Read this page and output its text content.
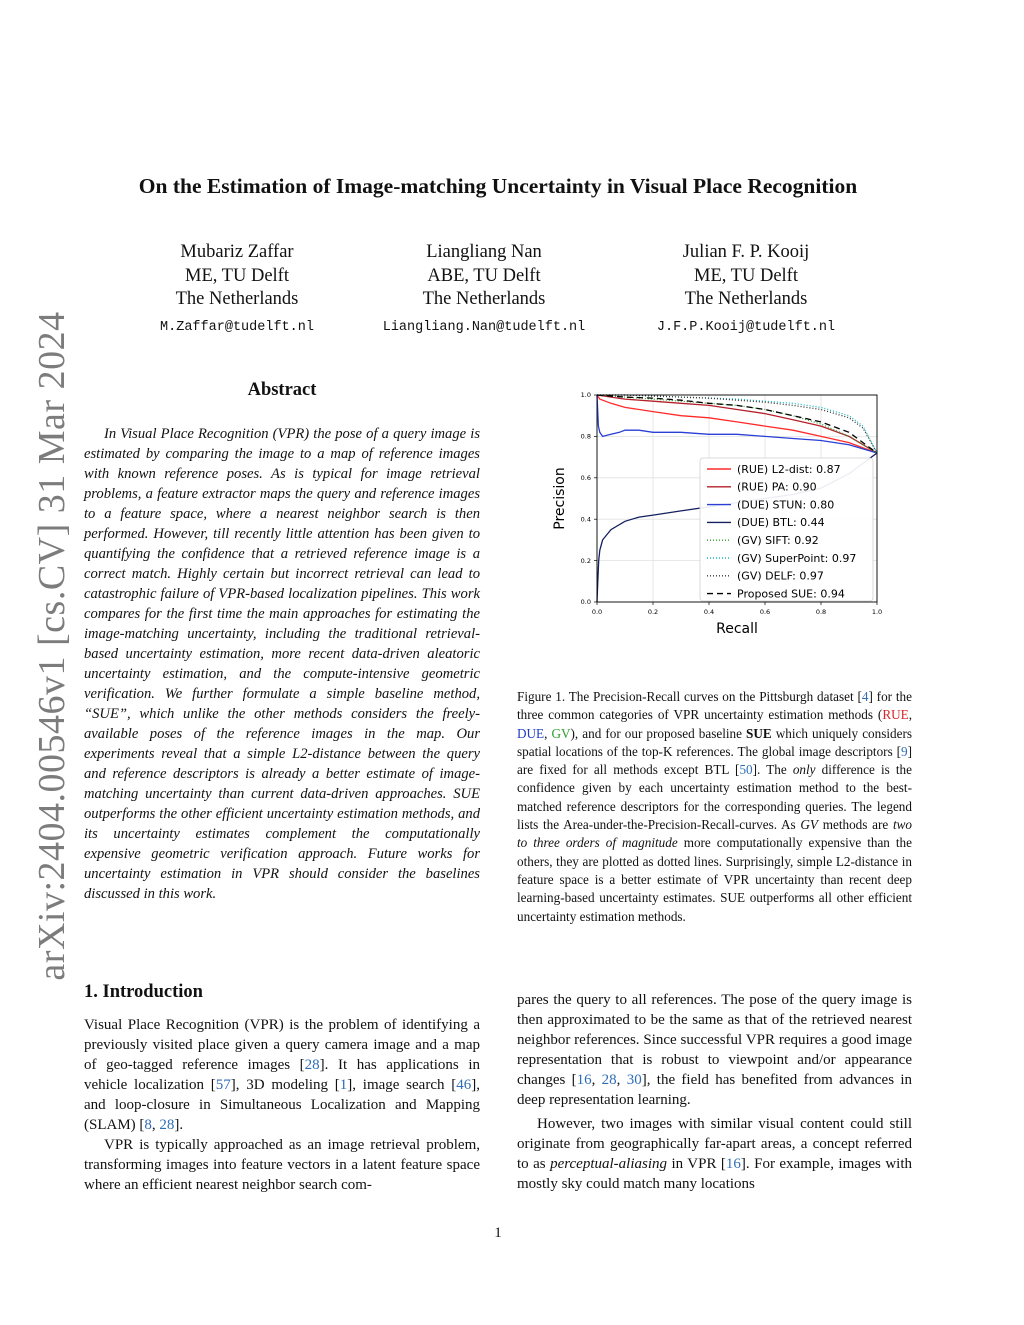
On the Estimation of Image-matching Uncertainty in Visual Place Recognition
Mubariz Zaffar
ME, TU Delft
The Netherlands
M.Zaffar@tudelft.nl
Liangliang Nan
ABE, TU Delft
The Netherlands
Liangliang.Nan@tudelft.nl
Julian F. P. Kooij
ME, TU Delft
The Netherlands
J.F.P.Kooij@tudelft.nl
arXiv:2404.00546v1 [cs.CV] 31 Mar 2024	Abstract

In Visual Place Recognition (VPR) the pose of a query image is estimated by comparing the image to a map of reference images with known reference poses. As is typical for image retrieval problems, a feature extractor maps the query and reference images to a feature space, where a nearest neighbor search is then performed. However, till recently little attention has been given to quantifying the confidence that a retrieved reference image is a correct match. Highly certain but incorrect retrieval can lead to catastrophic failure of VPR-based localization pipelines. This work compares for the first time the main approaches for estimating the image-matching uncertainty, including the traditional retrieval-based uncertainty estimation, more recent data-driven aleatoric uncertainty estimation, and the compute-intensive geometric verification. We further formulate a simple baseline method, “SUE”, which unlike the other methods considers the freely-available poses of the reference images in the map. Our experiments reveal that a simple L2-distance between the query and reference descriptors is already a better estimate of image-matching uncertainty than current data-driven approaches. SUE outperforms the other efficient uncertainty estimation methods, and its uncertainty estimates complement the computationally expensive geometric verification approach. Future works for uncertainty estimation in VPR should consider the baselines discussed in this work.

0.0	0.2	0.4	0.6	0.8	1.0
0.0
0.2
0.4
0.6
0.8
1.0
Recall
Precision	(RUE) L2-dist: 0.87
(RUE) PA: 0.90
(DUE) STUN: 0.80
(DUE) BTL: 0.44
(GV) SIFT: 0.92
(GV) SuperPoint: 0.97
(GV) DELF: 0.97
Proposed SUE: 0.94

Figure 1. The Precision-Recall curves on the Pittsburgh dataset [4] for the three common categories of VPR uncertainty estimation methods (RUE, DUE, GV), and for our proposed baseline SUE which uniquely considers spatial locations of the top-K references. The global image descriptors [9] are fixed for all methods except BTL [50]. The only difference is the confidence given by each uncertainty estimation method to the best-matched reference descriptors for the corresponding queries. The legend lists the Area-under-the-Precision-Recall-curves. As GV methods are two to three orders of magnitude more computationally expensive than the others, they are plotted as dotted lines. Surprisingly, simple L2-distance in feature space is a better estimate of VPR uncertainty than recent deep learning-based uncertainty estimates. SUE outperforms all other efficient uncertainty estimation methods.

1. Introduction

Visual Place Recognition (VPR) is the problem of identifying a previously visited place given a query camera image and a map of geo-tagged reference images [28]. It has applications in vehicle localization [57], 3D modeling [1], image search [46], and loop-closure in Simultaneous Localization and Mapping (SLAM) [8, 28].

VPR is typically approached as an image retrieval problem, transforming images into feature vectors in a latent feature space where an efficient nearest neighbor search com-

pares the query to all references. The pose of the query image is then approximated to be the same as that of the retrieved nearest neighbor references. Since successful VPR requires a good image representation that is robust to viewpoint and/or appearance changes [16, 28, 30], the field has benefited from advances in deep representation learning.

However, two images with similar visual content could still originate from geographically far-apart areas, a concept referred to as perceptual-aliasing in VPR [16]. For example, images with mostly sky could match many locations

1
